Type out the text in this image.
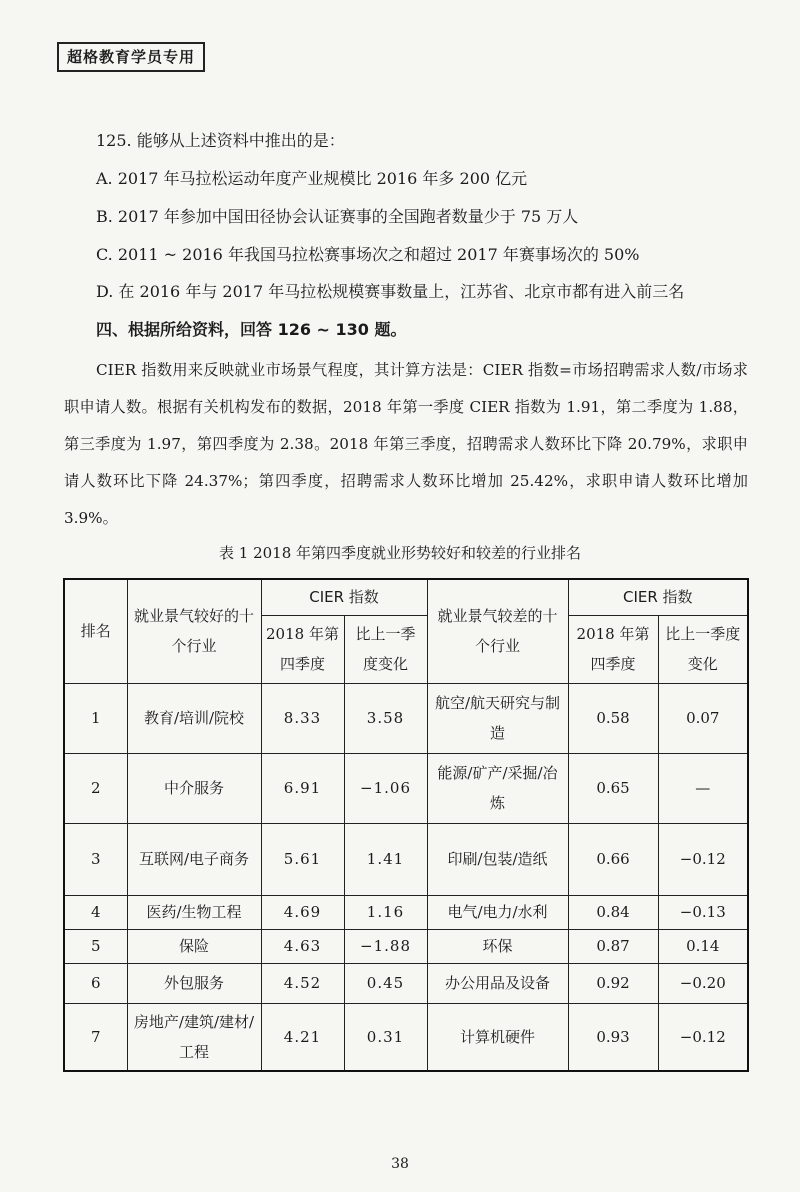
超格教育学员专用
125. 能够从上述资料中推出的是：
A. 2017 年马拉松运动年度产业规模比 2016 年多 200 亿元
B. 2017 年参加中国田径协会认证赛事的全国跑者数量少于 75 万人
C. 2011 ~ 2016 年我国马拉松赛事场次之和超过 2017 年赛事场次的 50%
D. 在 2016 年与 2017 年马拉松规模赛事数量上，江苏省、北京市都有进入前三名
四、根据所给资料，回答 126 ~ 130 题。
CIER 指数用来反映就业市场景气程度，其计算方法是：CIER 指数=市场招聘需求人数/市场求职申请人数。根据有关机构发布的数据，2018 年第一季度 CIER 指数为 1.91，第二季度为 1.88，第三季度为 1.97，第四季度为 2.38。2018 年第三季度，招聘需求人数环比下降 20.79%，求职申请人数环比下降 24.37%；第四季度，招聘需求人数环比增加 25.42%，求职申请人数环比增加 3.9%。
表 1 2018 年第四季度就业形势较好和较差的行业排名
排名	就业景气较好的十个行业	CIER 指数		就业景气较差的十个行业	CIER 指数	
		2018 年第四季度	比上一季度变化		2018 年第四季度	比上一季度变化
1	教育/培训/院校	8.33	3.58	航空/航天研究与制造	0.58	0.07
2	中介服务	6.91	−1.06	能源/矿产/采掘/冶炼	0.65	—
3	互联网/电子商务	5.61	1.41	印刷/包装/造纸	0.66	−0.12
4	医药/生物工程	4.69	1.16	电气/电力/水利	0.84	−0.13
5	保险	4.63	−1.88	环保	0.87	0.14
6	外包服务	4.52	0.45	办公用品及设备	0.92	−0.20
7	房地产/建筑/建材/工程	4.21	0.31	计算机硬件	0.93	−0.12
38
